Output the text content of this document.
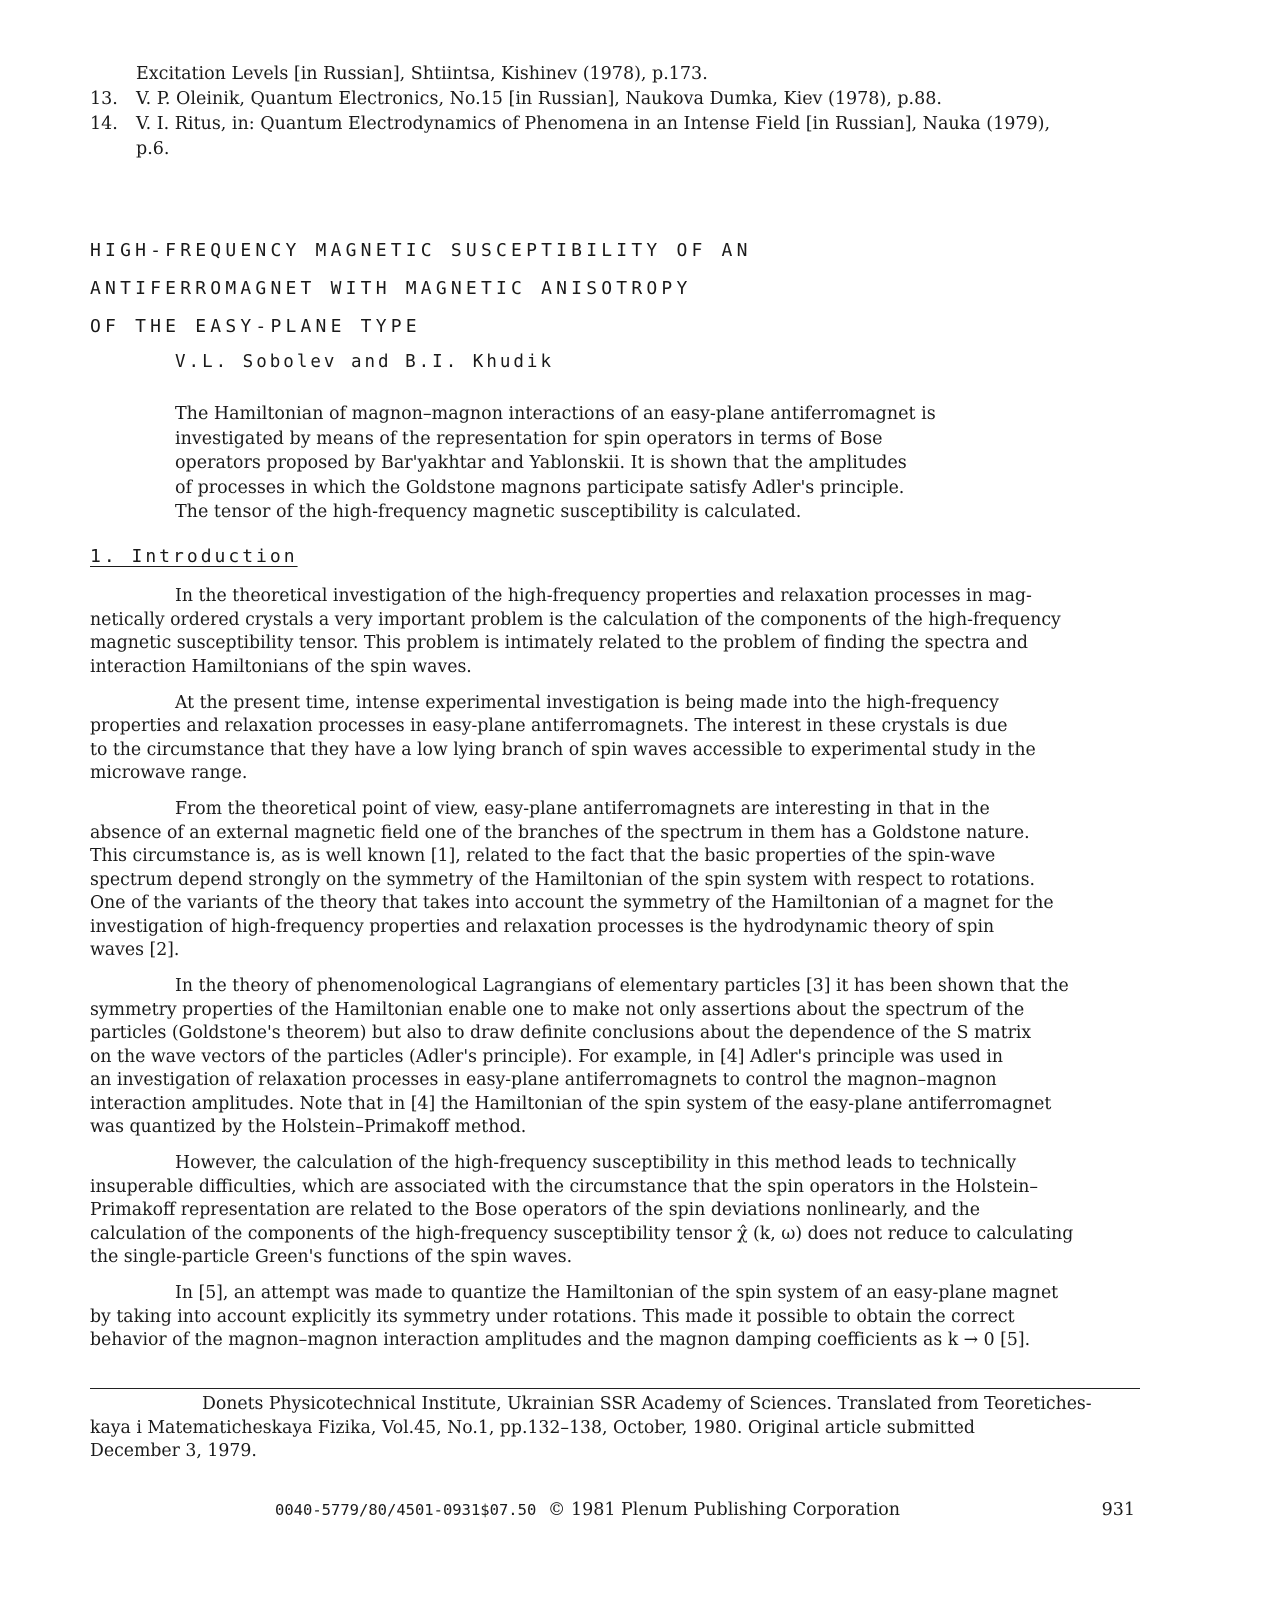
Excitation Levels [in Russian], Shtiintsa, Kishinev (1978), p.173.
13. V. P. Oleinik, Quantum Electronics, No.15 [in Russian], Naukova Dumka, Kiev (1978), p.88.
14. V. I. Ritus, in: Quantum Electrodynamics of Phenomena in an Intense Field [in Russian], Nauka (1979),
p.6.
HIGH-FREQUENCY MAGNETIC SUSCEPTIBILITY OF AN
ANTIFERROMAGNET WITH MAGNETIC ANISOTROPY
OF THE EASY-PLANE TYPE
V.L. Sobolev and B.I. Khudik
The Hamiltonian of magnon–magnon interactions of an easy-plane antiferromagnet is
investigated by means of the representation for spin operators in terms of Bose
operators proposed by Bar'yakhtar and Yablonskii. It is shown that the amplitudes
of processes in which the Goldstone magnons participate satisfy Adler's principle.
The tensor of the high-frequency magnetic susceptibility is calculated.
1. Introduction
In the theoretical investigation of the high-frequency properties and relaxation processes in mag-
netically ordered crystals a very important problem is the calculation of the components of the high-frequency
magnetic susceptibility tensor. This problem is intimately related to the problem of finding the spectra and
interaction Hamiltonians of the spin waves.
At the present time, intense experimental investigation is being made into the high-frequency
properties and relaxation processes in easy-plane antiferromagnets. The interest in these crystals is due
to the circumstance that they have a low lying branch of spin waves accessible to experimental study in the
microwave range.
From the theoretical point of view, easy-plane antiferromagnets are interesting in that in the
absence of an external magnetic field one of the branches of the spectrum in them has a Goldstone nature.
This circumstance is, as is well known [1], related to the fact that the basic properties of the spin-wave
spectrum depend strongly on the symmetry of the Hamiltonian of the spin system with respect to rotations.
One of the variants of the theory that takes into account the symmetry of the Hamiltonian of a magnet for the
investigation of high-frequency properties and relaxation processes is the hydrodynamic theory of spin
waves [2].
In the theory of phenomenological Lagrangians of elementary particles [3] it has been shown that the
symmetry properties of the Hamiltonian enable one to make not only assertions about the spectrum of the
particles (Goldstone's theorem) but also to draw definite conclusions about the dependence of the S matrix
on the wave vectors of the particles (Adler's principle). For example, in [4] Adler's principle was used in
an investigation of relaxation processes in easy-plane antiferromagnets to control the magnon–magnon
interaction amplitudes. Note that in [4] the Hamiltonian of the spin system of the easy-plane antiferromagnet
was quantized by the Holstein–Primakoff method.
However, the calculation of the high-frequency susceptibility in this method leads to technically
insuperable difficulties, which are associated with the circumstance that the spin operators in the Holstein–
Primakoff representation are related to the Bose operators of the spin deviations nonlinearly, and the
calculation of the components of the high-frequency susceptibility tensor χ̂ (k, ω) does not reduce to calculating
the single-particle Green's functions of the spin waves.
In [5], an attempt was made to quantize the Hamiltonian of the spin system of an easy-plane magnet
by taking into account explicitly its symmetry under rotations. This made it possible to obtain the correct
behavior of the magnon–magnon interaction amplitudes and the magnon damping coefficients as k → 0 [5].
Donets Physicotechnical Institute, Ukrainian SSR Academy of Sciences. Translated from Teoretiches-
kaya i Matematicheskaya Fizika, Vol.45, No.1, pp.132–138, October, 1980. Original article submitted
December 3, 1979.
0040-5779/80/4501-0931$07.50 © 1981 Plenum Publishing Corporation	931
